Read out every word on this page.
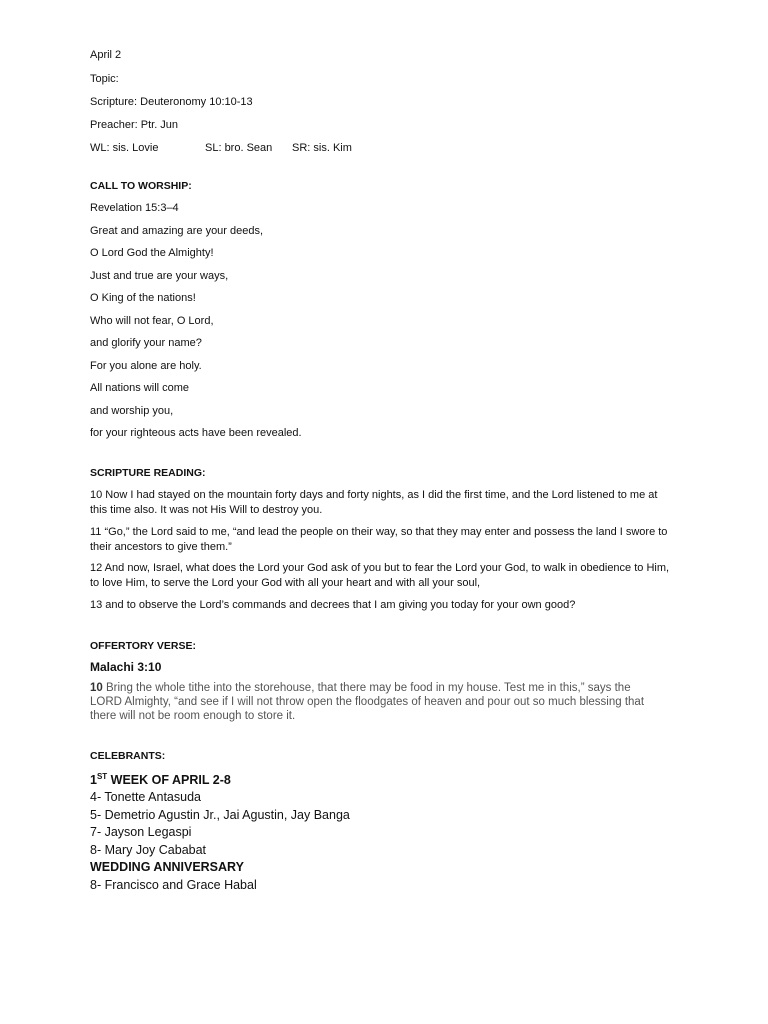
April 2
Topic:
Scripture: Deuteronomy 10:10-13
Preacher: Ptr. Jun
WL: sis. Lovie	SL: bro. Sean	SR: sis. Kim
CALL TO WORSHIP:
Revelation 15:3–4
Great and amazing are your deeds,
O Lord God the Almighty!
Just and true are your ways,
O King of the nations!
Who will not fear, O Lord,
and glorify your name?
For you alone are holy.
All nations will come
and worship you,
for your righteous acts have been revealed.
SCRIPTURE READING:

10 Now I had stayed on the mountain forty days and forty nights, as I did the first time, and the Lord listened to me at this time also. It was not His Will to destroy you.

11 “Go,” the Lord said to me, “and lead the people on their way, so that they may enter and possess the land I swore to their ancestors to give them.”

12 And now, Israel, what does the Lord your God ask of you but to fear the Lord your God, to walk in obedience to Him, to love Him, to serve the Lord your God with all your heart and with all your soul,

13 and to observe the Lord’s commands and decrees that I am giving you today for your own good?

OFFERTORY VERSE:
Malachi 3:10
10 Bring the whole tithe into the storehouse, that there may be food in my house. Test me in this,” says the LORD Almighty, “and see if I will not throw open the floodgates of heaven and pour out so much blessing that there will not be room enough to store it.
CELEBRANTS:
1ST WEEK OF APRIL 2-8
4- Tonette Antasuda
5- Demetrio Agustin Jr., Jai Agustin, Jay Banga
7- Jayson Legaspi
8- Mary Joy Cababat
WEDDING ANNIVERSARY
8- Francisco and Grace Habal
